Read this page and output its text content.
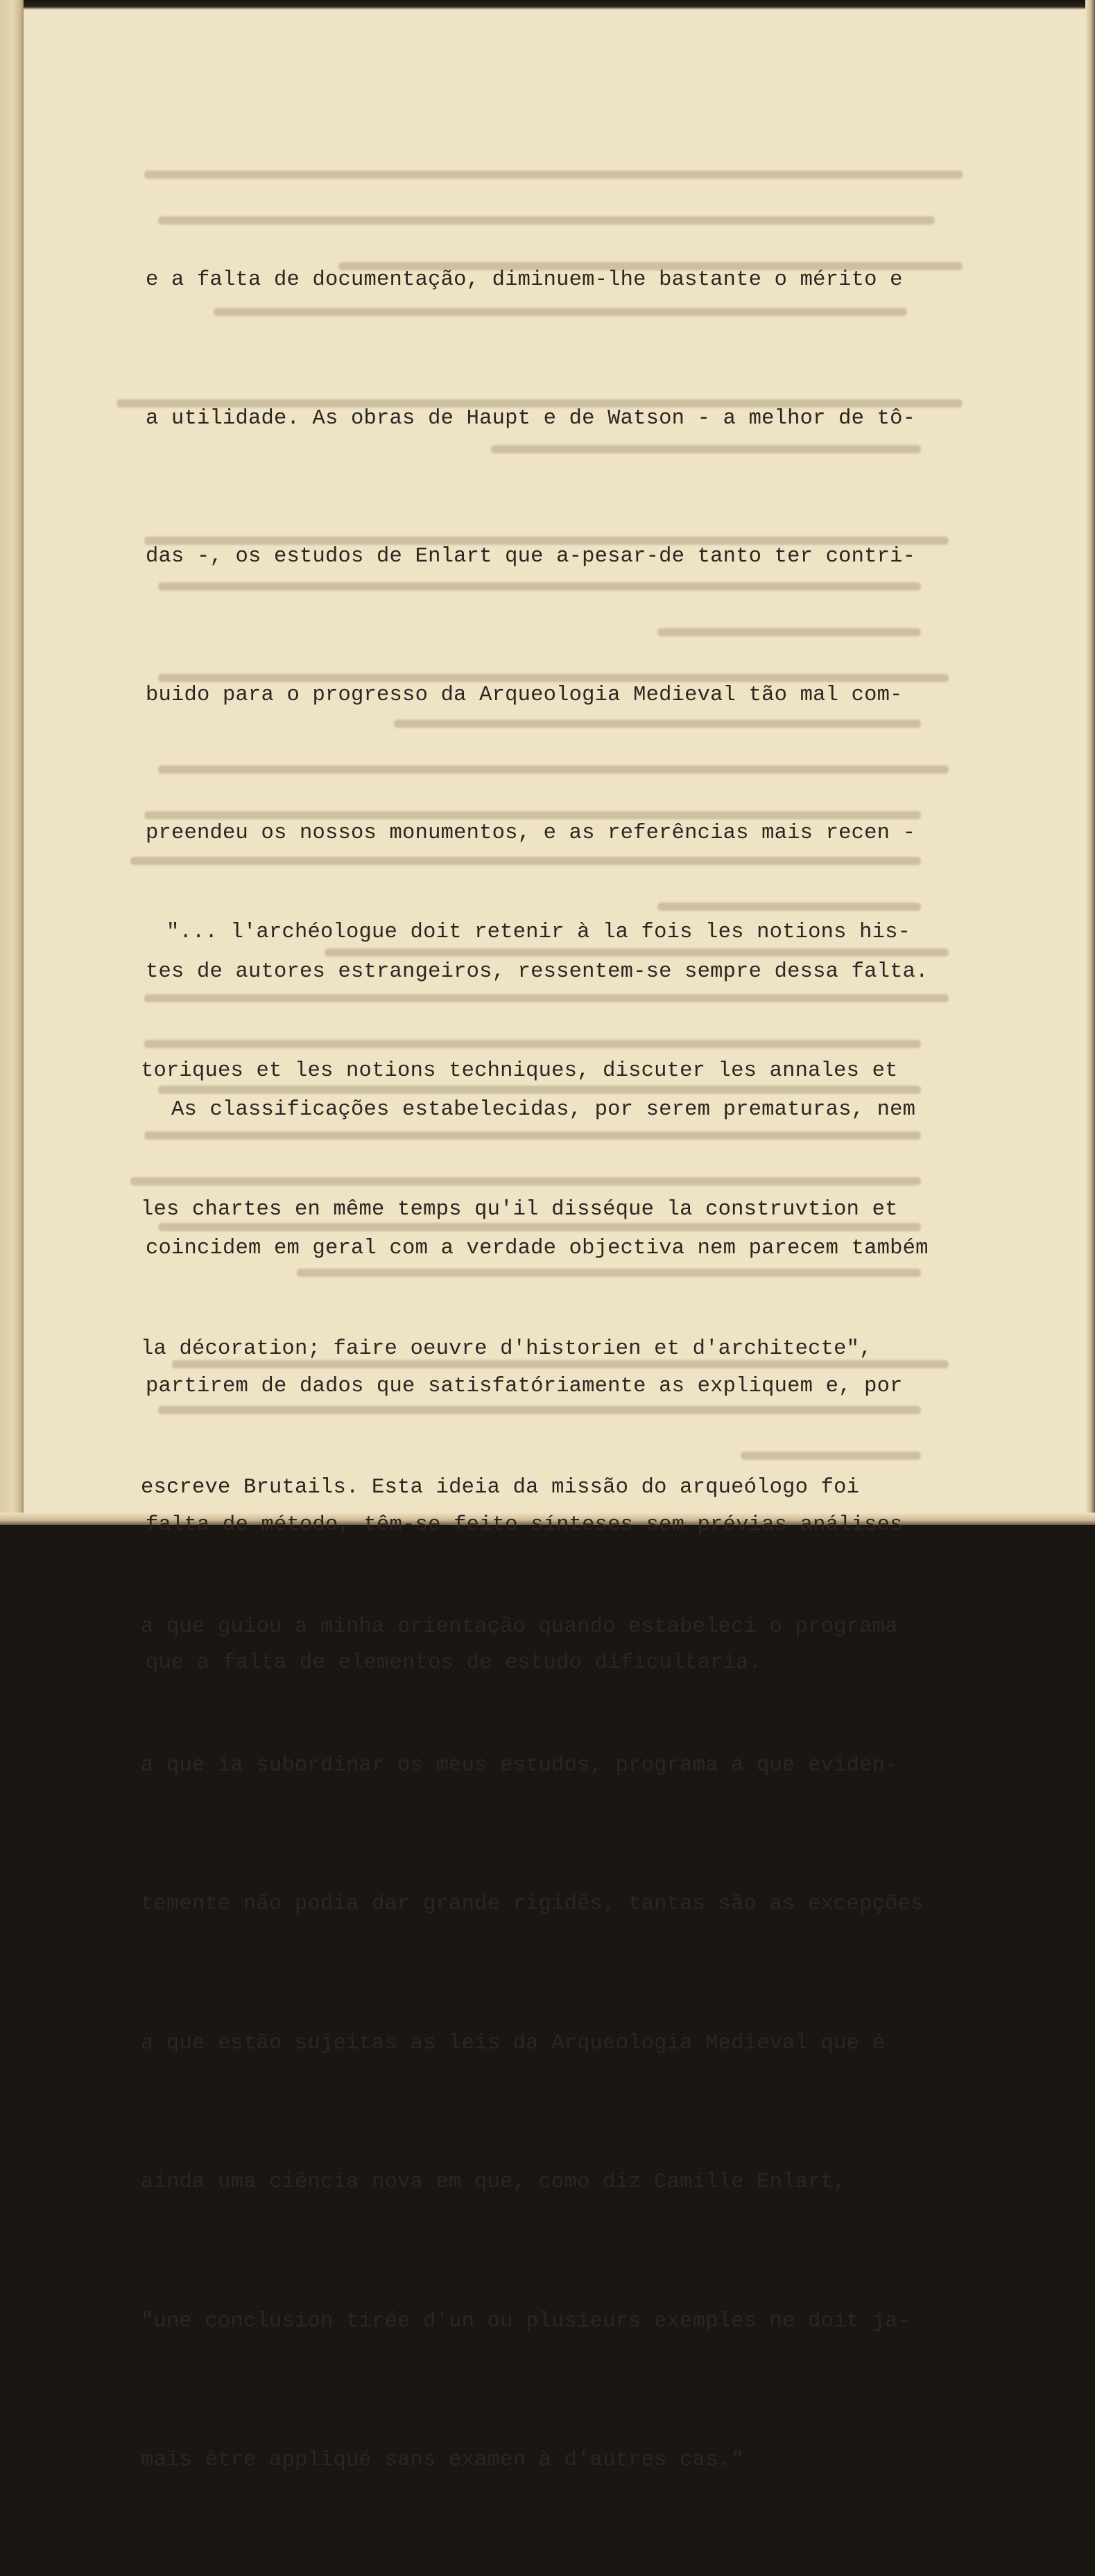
e a falta de documentação, diminuem-lhe bastante o mérito e

a utilidade. As obras de Haupt e de Watson - a melhor de tô-

das -, os estudos de Enlart que a-pesar-de tanto ter contri-

buido para o progresso da Arqueologia Medieval tão mal com-

preendeu os nossos monumentos, e as referências mais recen -

tes de autores estrangeiros, ressentem-se sempre dessa falta.

As classificações estabelecidas, por serem prematuras, nem

coincidem em geral com a verdade objectiva nem parecem também

partirem de dados que satisfatóriamente as expliquem e, por

falta de método, têm-se feito sínteses sem prévias análises

que a falta de elementos de estudo dificultaria.

"... l'archéologue doit retenir à la fois les notions his-

toriques et les notions techniques, discuter les annales et

les chartes en même temps qu'il disséque la construvtion et

la décoration; faire oeuvre d'historien et d'architecte",

escreve Brutails. Esta ideia da missão do arqueólogo foi

a que guiou a minha orientação quando estabeleci o programa

a que ia subordinar os meus estudos, programa a que eviden-

temente não podia dar grande rigidês, tantas são as excepções

a que estão sujeitas as leis da Arqueologia Medieval que é

ainda uma ciência nova em que, como diz Camille Enlart,

"une conclusion tirée d'un ou plusieurs exemples ne doit ja-

mais être appliqué sans examen à d'autres cas."
